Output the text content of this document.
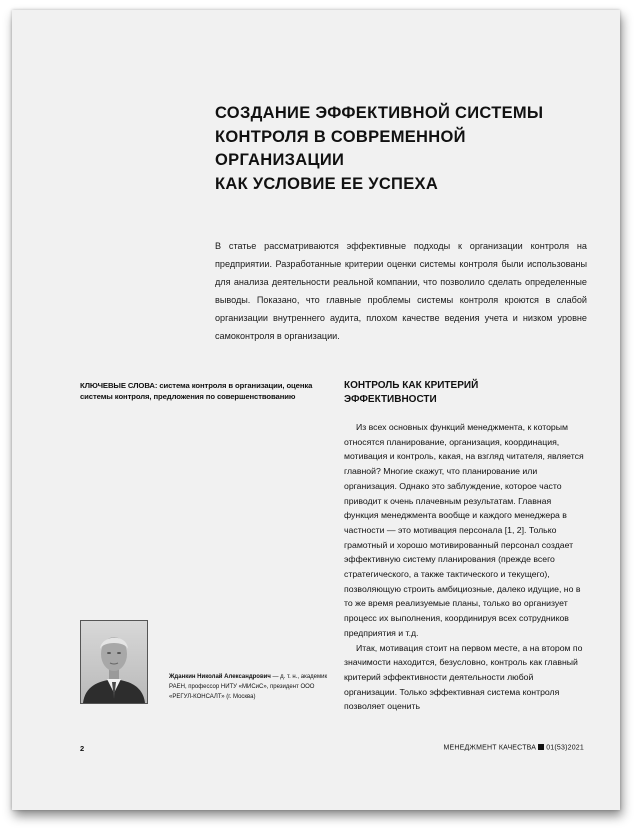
СОЗДАНИЕ ЭФФЕКТИВНОЙ СИСТЕМЫ
КОНТРОЛЯ В СОВРЕМЕННОЙ ОРГАНИЗАЦИИ
КАК УСЛОВИЕ ЕЕ УСПЕХА

В статье рассматриваются эффективные подходы к организации контроля на предприятии. Разработанные критерии оценки системы контроля были использованы для анализа деятельности реальной компании, что позволило сделать определенные выводы. Показано, что главные проблемы системы контроля кроются в слабой организации внутреннего аудита, плохом качестве ведения учета и низком уровне самоконтроля в организации.

КЛЮЧЕВЫЕ СЛОВА: система контроля в организации, оценка системы контроля, предложения по совершенствованию

КОНТРОЛЬ КАК КРИТЕРИЙ
ЭФФЕКТИВНОСТИ

Из всех основных функций менеджмента, к которым относятся планирование, организация, координация, мотивация и контроль, какая, на взгляд читателя, является главной? Многие скажут, что планирование или организация. Однако это заблуждение, которое часто приводит к очень плачевным результатам. Главная функция менеджмента вообще и каждого менеджера в частности — это мотивация персонала [1, 2]. Только грамотный и хорошо мотивированный персонал создает эффективную систему планирования (прежде всего стратегического, а также тактического и текущего), позволяющую строить амбициозные, далеко идущие, но в то же время реализуемые планы, только во организует процесс их выполнения, координируя всех сотрудников предприятия и т.д.

Итак, мотивация стоит на первом месте, а на втором по значимости находится, безусловно, контроль как главный критерий эффективности деятельности любой организации. Только эффективная система контроля позволяет оценить

Жданкин Николай Александрович — д. т. н., академик РАЕН, профессор НИТУ «МИСиС», президент ООО «РЕГУЛ-КОНСАЛТ» (г. Москва)

2	МЕНЕДЖМЕНТ КАЧЕСТВА 01(53)2021
